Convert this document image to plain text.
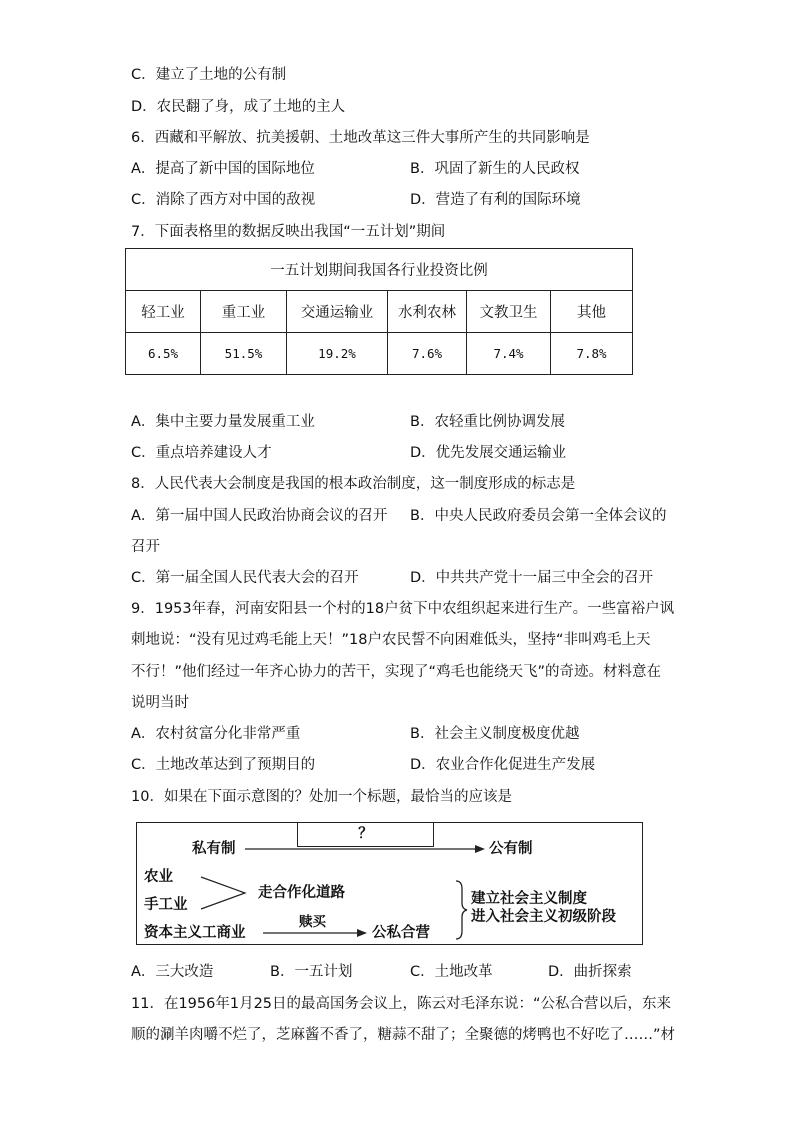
C．建立了土地的公有制
D．农民翻了身，成了土地的主人
6．西藏和平解放、抗美援朝、土地改革这三件大事所产生的共同影响是
A．提高了新中国的国际地位	B．巩固了新生的人民政权
C．消除了西方对中国的敌视	D．营造了有利的国际环境
7．下面表格里的数据反映出我国“一五计划”期间
一五计划期间我国各行业投资比例					
轻工业	重工业	交通运输业	水利农林	文教卫生	其他
6.5%	51.5%	19.2%	7.6%	7.4%	7.8%
A．集中主要力量发展重工业	B．农轻重比例协调发展
C．重点培养建设人才	D．优先发展交通运输业
8．人民代表大会制度是我国的根本政治制度，这一制度形成的标志是
A．第一届中国人民政治协商会议的召开 B．中央人民政府委员会第一全体会议的
召开
C．第一届全国人民代表大会的召开	D．中共共产党十一届三中全会的召开
9．1953年春，河南安阳县一个村的18户贫下中农组织起来进行生产。一些富裕户讽
刺地说：“没有见过鸡毛能上天！”18户农民誓不向困难低头，坚持“非叫鸡毛上天
不行！”他们经过一年齐心协力的苦干，实现了“鸡毛也能绕天飞”的奇迹。材料意在
说明当时
A．农村贫富分化非常严重	B．社会主义制度极度优越
C．土地改革达到了预期目的	D．农业合作化促进生产发展
10．如果在下面示意图的？处加一个标题，最恰当的应该是
？
私有制	公有制
农业
手工业
走合作化道路
资本主义工商业
赎买
公私合营
建立社会主义制度
进入社会主义初级阶段
A．三大改造	B．一五计划	C．土地改革	D．曲折探索
11．在1956年1月25日的最高国务会议上，陈云对毛泽东说：“公私合营以后，东来
顺的涮羊肉嚼不烂了，芝麻酱不香了，糖蒜不甜了；全聚德的烤鸭也不好吃了……”材
